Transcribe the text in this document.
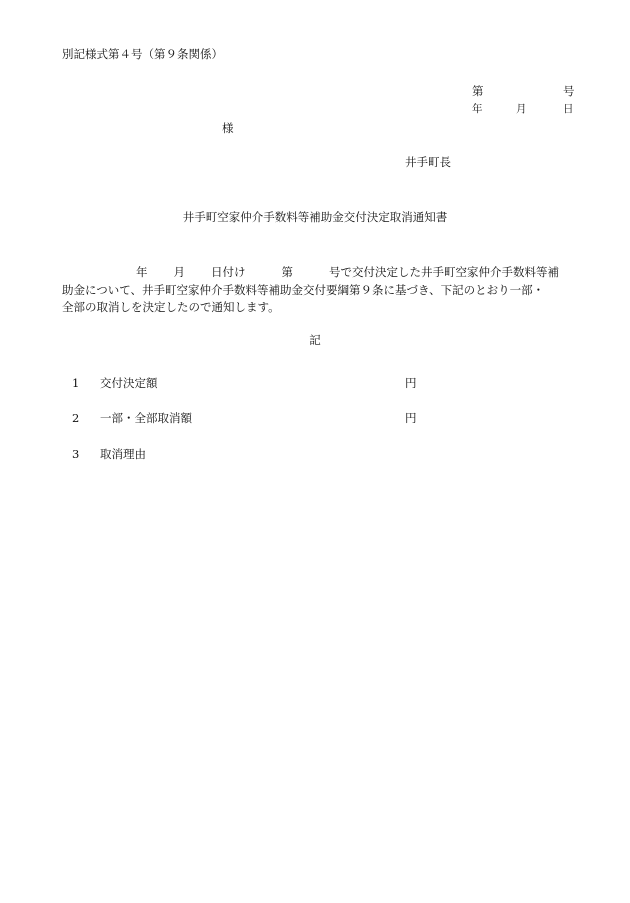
別記様式第４号（第９条関係）
第	号
年	月	日
様
井手町長
井手町空家仲介手数料等補助金交付決定取消通知書
年 月 日付け	第	号で交付決定した井手町空家仲介手数料等補
助金について、井手町空家仲介手数料等補助金交付要綱第９条に基づき、下記のとおり一部・
全部の取消しを決定したので通知します。
記
1 交付決定額	円
2 一部・全部取消額	円
3 取消理由
